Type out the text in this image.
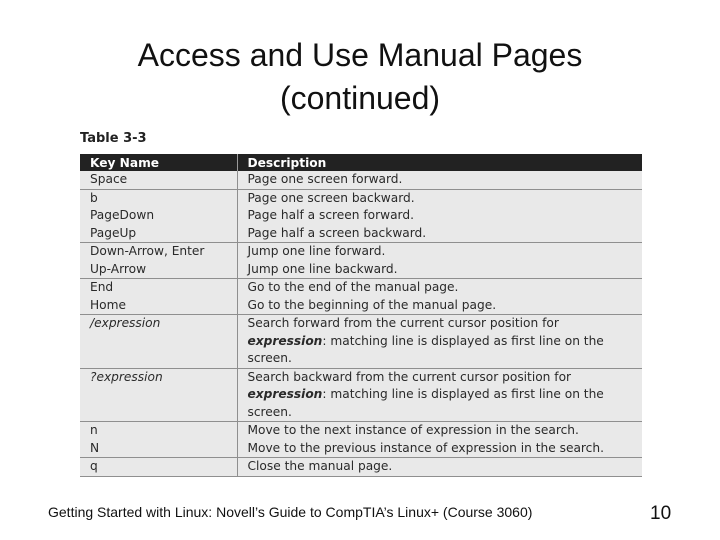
Access and Use Manual Pages
(continued)
Table 3-3
Key Name	Description
Space	Page one screen forward.

b	Page one screen backward.

PageDown	Page half a screen forward.

PageUp	Page half a screen backward.

Down-Arrow, Enter	Jump one line forward.

Up-Arrow	Jump one line backward.

End	Go to the end of the manual page.

Home	Go to the beginning of the manual page.

/expression	Search forward from the current cursor position for
expression: matching line is displayed as first line on the
screen.

?expression	Search backward from the current cursor position for
expression: matching line is displayed as first line on the
screen.

n	Move to the next instance of expression in the search.

N	Move to the previous instance of expression in the search.

q	Close the manual page.
Getting Started with Linux: Novell’s Guide to CompTIA’s Linux+ (Course 3060)	10
